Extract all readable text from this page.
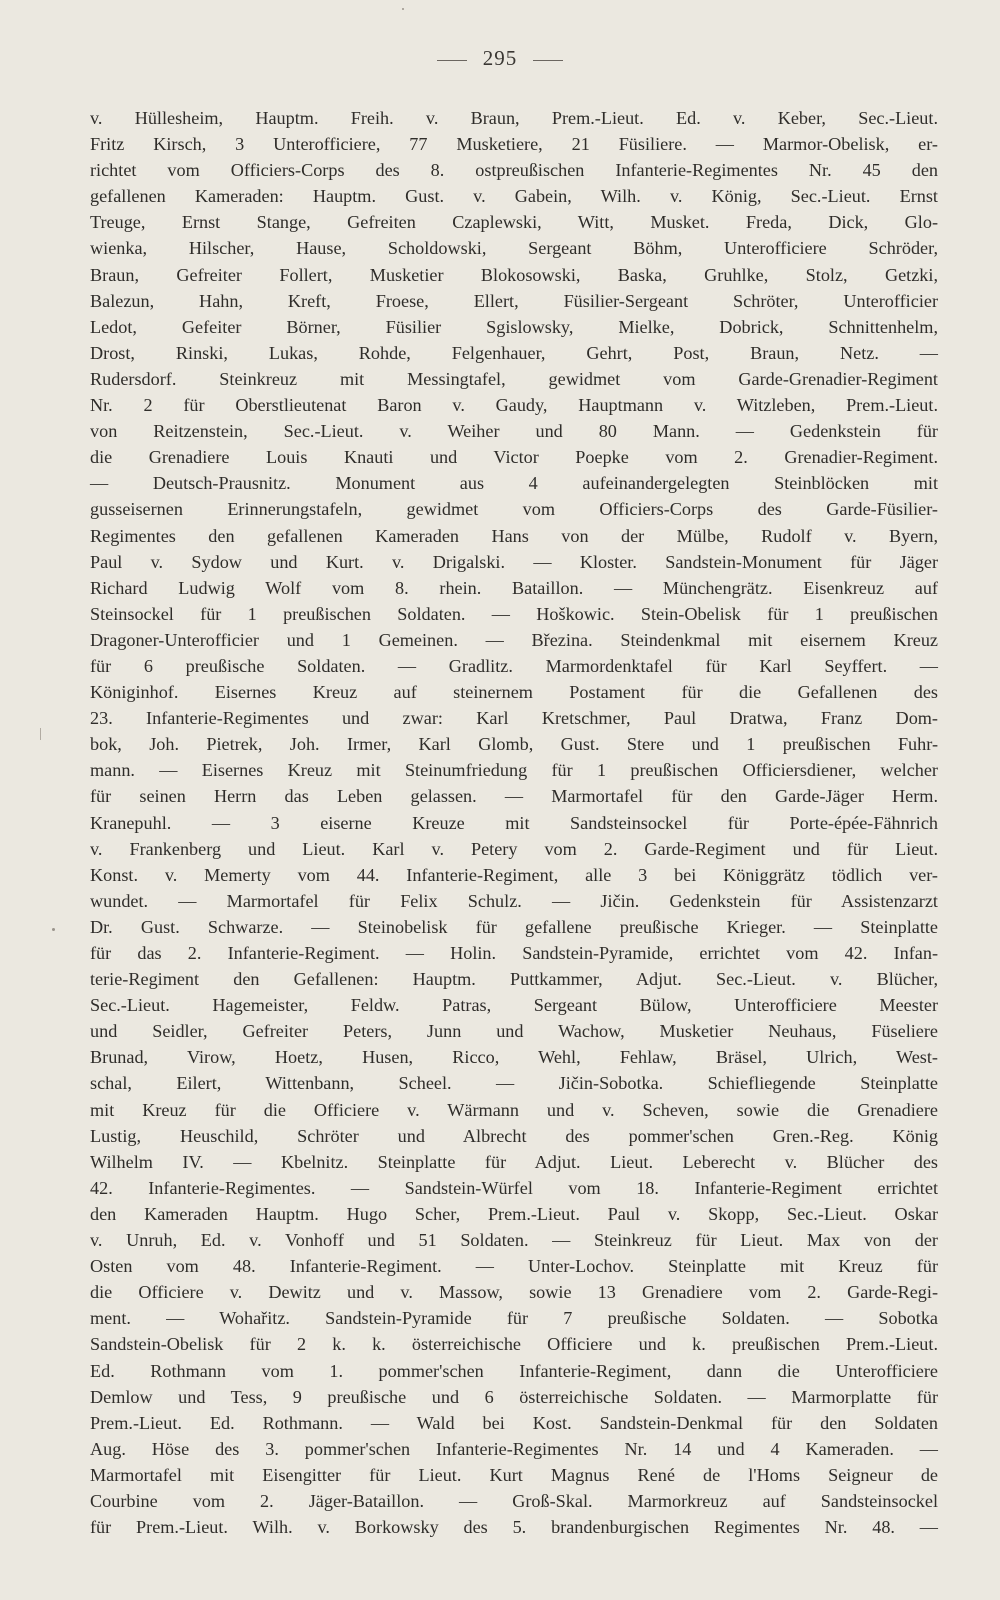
295
v. Hüllesheim, Hauptm. Freih. v. Braun, Prem.-Lieut. Ed. v. Keber, Sec.-Lieut.
Fritz Kirsch, 3 Unterofficiere, 77 Musketiere, 21 Füsiliere. — Marmor-Obelisk, er-
richtet vom Officiers-Corps des 8. ostpreußischen Infanterie-Regimentes Nr. 45 den
gefallenen Kameraden: Hauptm. Gust. v. Gabein, Wilh. v. König, Sec.-Lieut. Ernst
Treuge, Ernst Stange, Gefreiten Czaplewski, Witt, Musket. Freda, Dick, Glo-
wienka, Hilscher, Hause, Scholdowski, Sergeant Böhm, Unterofficiere Schröder,
Braun, Gefreiter Follert, Musketier Blokosowski, Baska, Gruhlke, Stolz, Getzki,
Balezun, Hahn, Kreft, Froese, Ellert, Füsilier-Sergeant Schröter, Unterofficier
Ledot, Gefeiter Börner, Füsilier Sgislowsky, Mielke, Dobrick, Schnittenhelm,
Drost, Rinski, Lukas, Rohde, Felgenhauer, Gehrt, Post, Braun, Netz. —
Rudersdorf. Steinkreuz mit Messingtafel, gewidmet vom Garde-Grenadier-Regiment
Nr. 2 für Oberstlieutenat Baron v. Gaudy, Hauptmann v. Witzleben, Prem.-Lieut.
von Reitzenstein, Sec.-Lieut. v. Weiher und 80 Mann. — Gedenkstein für
die Grenadiere Louis Knauti und Victor Poepke vom 2. Grenadier-Regiment.
— Deutsch-Prausnitz. Monument aus 4 aufeinandergelegten Steinblöcken mit
gusseisernen Erinnerungstafeln, gewidmet vom Officiers-Corps des Garde-Füsilier-
Regimentes den gefallenen Kameraden Hans von der Mülbe, Rudolf v. Byern,
Paul v. Sydow und Kurt. v. Drigalski. — Kloster. Sandstein-Monument für Jäger
Richard Ludwig Wolf vom 8. rhein. Bataillon. — Münchengrätz. Eisenkreuz auf
Steinsockel für 1 preußischen Soldaten. — Hoškowic. Stein-Obelisk für 1 preußischen
Dragoner-Unterofficier und 1 Gemeinen. — Březina. Steindenkmal mit eisernem Kreuz
für 6 preußische Soldaten. — Gradlitz. Marmordenktafel für Karl Seyffert. —
Königinhof. Eisernes Kreuz auf steinernem Postament für die Gefallenen des
23. Infanterie-Regimentes und zwar: Karl Kretschmer, Paul Dratwa, Franz Dom-
bok, Joh. Pietrek, Joh. Irmer, Karl Glomb, Gust. Stere und 1 preußischen Fuhr-
mann. — Eisernes Kreuz mit Steinumfriedung für 1 preußischen Officiersdiener, welcher
für seinen Herrn das Leben gelassen. — Marmortafel für den Garde-Jäger Herm.
Kranepuhl. — 3 eiserne Kreuze mit Sandsteinsockel für Porte-épée-Fähnrich
v. Frankenberg und Lieut. Karl v. Petery vom 2. Garde-Regiment und für Lieut.
Konst. v. Memerty vom 44. Infanterie-Regiment, alle 3 bei Königgrätz tödlich ver-
wundet. — Marmortafel für Felix Schulz. — Jičin. Gedenkstein für Assistenzarzt
Dr. Gust. Schwarze. — Steinobelisk für gefallene preußische Krieger. — Steinplatte
für das 2. Infanterie-Regiment. — Holin. Sandstein-Pyramide, errichtet vom 42. Infan-
terie-Regiment den Gefallenen: Hauptm. Puttkammer, Adjut. Sec.-Lieut. v. Blücher,
Sec.-Lieut. Hagemeister, Feldw. Patras, Sergeant Bülow, Unterofficiere Meester
und Seidler, Gefreiter Peters, Junn und Wachow, Musketier Neuhaus, Füseliere
Brunad, Virow, Hoetz, Husen, Ricco, Wehl, Fehlaw, Bräsel, Ulrich, West-
schal, Eilert, Wittenbann, Scheel. — Jičin-Sobotka. Schiefliegende Steinplatte
mit Kreuz für die Officiere v. Wärmann und v. Scheven, sowie die Grenadiere
Lustig, Heuschild, Schröter und Albrecht des pommer'schen Gren.-Reg. König
Wilhelm IV. — Kbelnitz. Steinplatte für Adjut. Lieut. Leberecht v. Blücher des
42. Infanterie-Regimentes. — Sandstein-Würfel vom 18. Infanterie-Regiment errichtet
den Kameraden Hauptm. Hugo Scher, Prem.-Lieut. Paul v. Skopp, Sec.-Lieut. Oskar
v. Unruh, Ed. v. Vonhoff und 51 Soldaten. — Steinkreuz für Lieut. Max von der
Osten vom 48. Infanterie-Regiment. — Unter-Lochov. Steinplatte mit Kreuz für
die Officiere v. Dewitz und v. Massow, sowie 13 Grenadiere vom 2. Garde-Regi-
ment. — Wohařitz. Sandstein-Pyramide für 7 preußische Soldaten. — Sobotka
Sandstein-Obelisk für 2 k. k. österreichische Officiere und k. preußischen Prem.-Lieut.
Ed. Rothmann vom 1. pommer'schen Infanterie-Regiment, dann die Unterofficiere
Demlow und Tess, 9 preußische und 6 österreichische Soldaten. — Marmorplatte für
Prem.-Lieut. Ed. Rothmann. — Wald bei Kost. Sandstein-Denkmal für den Soldaten
Aug. Höse des 3. pommer'schen Infanterie-Regimentes Nr. 14 und 4 Kameraden. —
Marmortafel mit Eisengitter für Lieut. Kurt Magnus René de l'Homs Seigneur de
Courbine vom 2. Jäger-Bataillon. — Groß-Skal. Marmorkreuz auf Sandsteinsockel
für Prem.-Lieut. Wilh. v. Borkowsky des 5. brandenburgischen Regimentes Nr. 48. —
